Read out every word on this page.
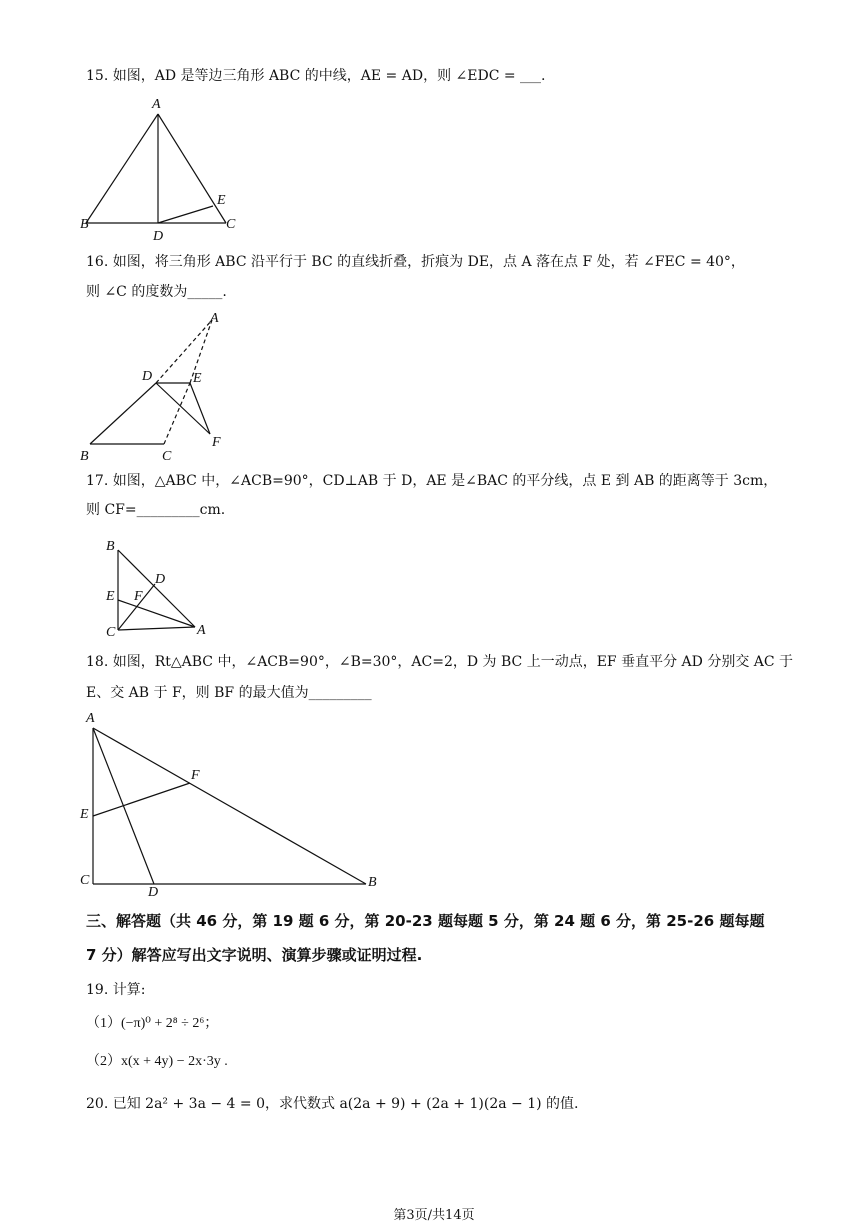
15. 如图，AD 是等边三角形 ABC 的中线，AE = AD，则 ∠EDC = ___.
A
B	C
D
E
16. 如图，将三角形 ABC 沿平行于 BC 的直线折叠，折痕为 DE，点 A 落在点 F 处，若 ∠FEC = 40°，
则 ∠C 的度数为_____.
A
B	C
D	E
F
17. 如图，△ABC 中，∠ACB=90°，CD⊥AB 于 D，AE 是∠BAC 的平分线，点 E 到 AB 的距离等于 3cm，
则 CF=_________cm.
B
D
E F
C	A
18. 如图，Rt△ABC 中，∠ACB=90°，∠B=30°，AC=2，D 为 BC 上一动点，EF 垂直平分 AD 分别交 AC 于
E、交 AB 于 F，则 BF 的最大值为_________
A
F
E
C
D
B
三、解答题（共 46 分，第 19 题 6 分，第 20-23 题每题 5 分，第 24 题 6 分，第 25-26 题每题
7 分）解答应写出文字说明、演算步骤或证明过程.
19. 计算:
（1）(−π)⁰ + 2⁸ ÷ 2⁶；
（2）x(x + 4y) − 2x·3y .
20. 已知 2a² + 3a − 4 = 0，求代数式 a(2a + 9) + (2a + 1)(2a − 1) 的值.
第3页/共14页
